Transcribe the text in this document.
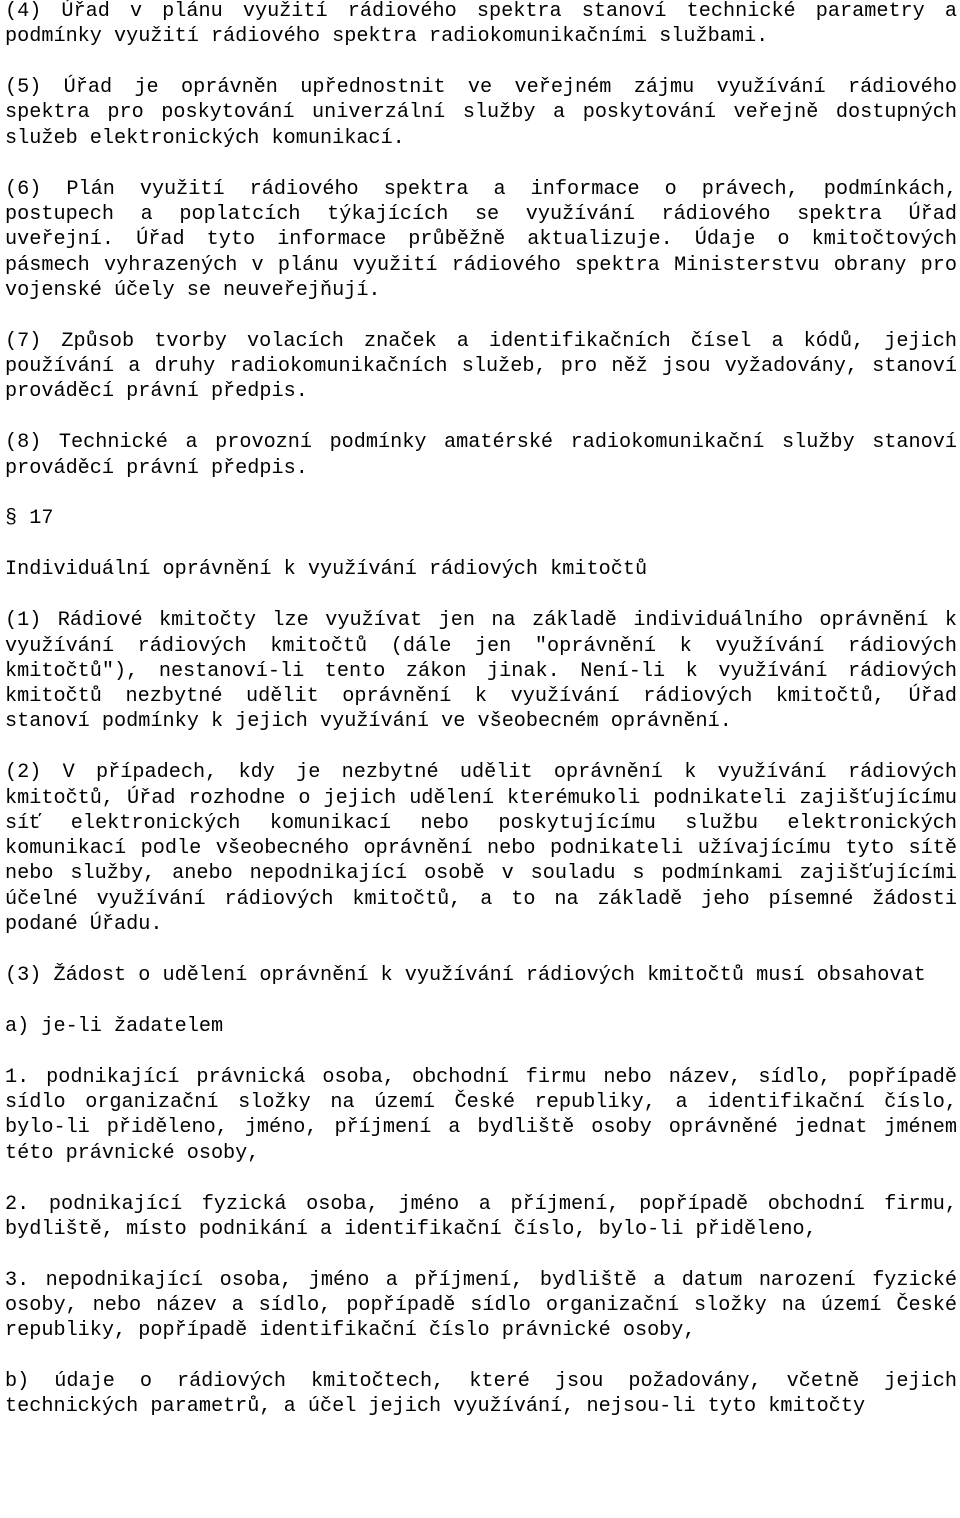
(4) Úřad v plánu využití rádiového spektra stanoví technické parametry a podmínky využití rádiového spektra radiokomunikačními službami.

(5) Úřad je oprávněn upřednostnit ve veřejném zájmu využívání rádiového spektra pro poskytování univerzální služby a poskytování veřejně dostupných služeb elektronických komunikací.

(6) Plán využití rádiového spektra a informace o právech, podmínkách, postupech a poplatcích týkajících se využívání rádiového spektra Úřad uveřejní. Úřad tyto informace průběžně aktualizuje. Údaje o kmitočtových pásmech vyhrazených v plánu využití rádiového spektra Ministerstvu obrany pro vojenské účely se neuveřejňují.

(7) Způsob tvorby volacích značek a identifikačních čísel a kódů, jejich používání a druhy radiokomunikačních služeb, pro něž jsou vyžadovány, stanoví prováděcí právní předpis.

(8) Technické a provozní podmínky amatérské radiokomunikační služby stanoví prováděcí právní předpis.

§ 17

Individuální oprávnění k využívání rádiových kmitočtů

(1) Rádiové kmitočty lze využívat jen na základě individuálního oprávnění k využívání rádiových kmitočtů (dále jen "oprávnění k využívání rádiových kmitočtů"), nestanoví-li tento zákon jinak. Není-li k využívání rádiových kmitočtů nezbytné udělit oprávnění k využívání rádiových kmitočtů, Úřad stanoví podmínky k jejich využívání ve všeobecném oprávnění.

(2) V případech, kdy je nezbytné udělit oprávnění k využívání rádiových kmitočtů, Úřad rozhodne o jejich udělení kterémukoli podnikateli zajišťujícímu síť elektronických komunikací nebo poskytujícímu službu elektronických komunikací podle všeobecného oprávnění nebo podnikateli užívajícímu tyto sítě nebo služby, anebo nepodnikající osobě v souladu s podmínkami zajišťujícími účelné využívání rádiových kmitočtů, a to na základě jeho písemné žádosti podané Úřadu.

(3) Žádost o udělení oprávnění k využívání rádiových kmitočtů musí obsahovat

a) je-li žadatelem

1. podnikající právnická osoba, obchodní firmu nebo název, sídlo, popřípadě sídlo organizační složky na území České republiky, a identifikační číslo, bylo-li přiděleno, jméno, příjmení a bydliště osoby oprávněné jednat jménem této právnické osoby,

2. podnikající fyzická osoba, jméno a příjmení, popřípadě obchodní firmu, bydliště, místo podnikání a identifikační číslo, bylo-li přiděleno,

3. nepodnikající osoba, jméno a příjmení, bydliště a datum narození fyzické osoby, nebo název a sídlo, popřípadě sídlo organizační složky na území České republiky, popřípadě identifikační číslo právnické osoby,

b) údaje o rádiových kmitočtech, které jsou požadovány, včetně jejich technických parametrů, a účel jejich využívání, nejsou-li tyto kmitočty
